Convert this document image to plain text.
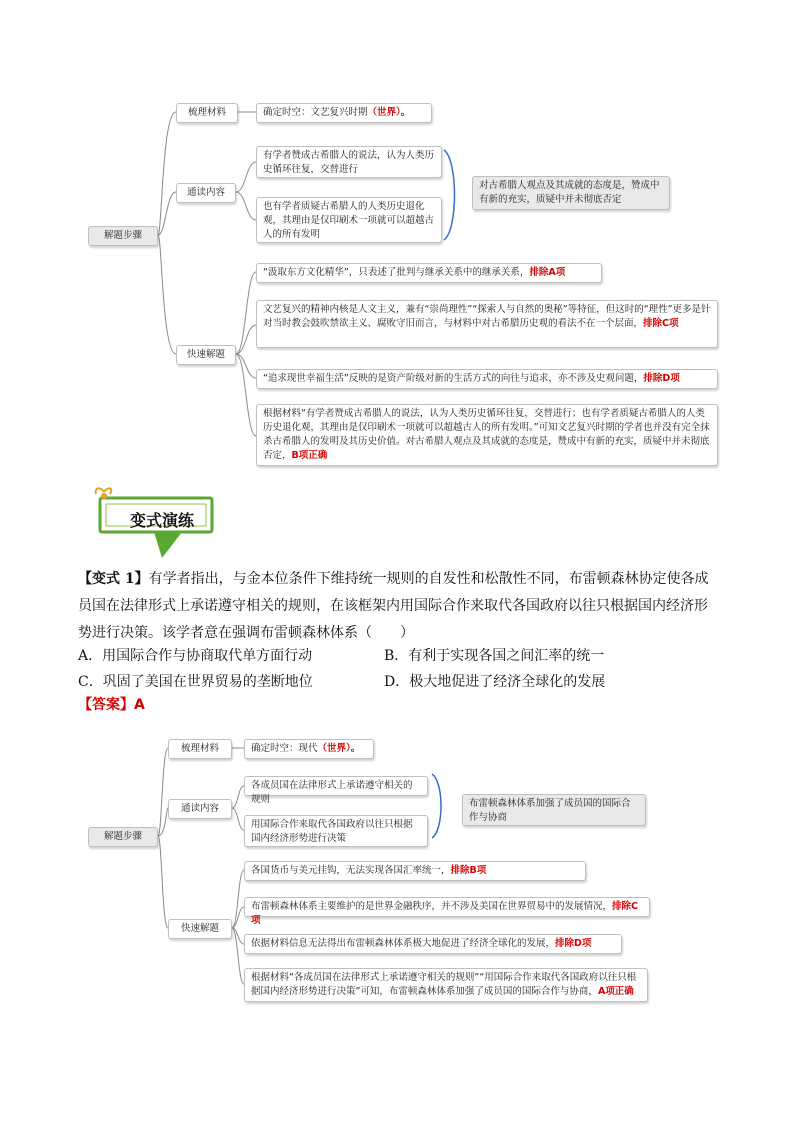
解题步骤
梳理材料	确定时空：文艺复兴时期（世界）。
通读内容
有学者赞成古希腊人的说法，认为人类历史循环往复，交替进行
也有学者质疑古希腊人的人类历史退化观，其理由是仅印刷术一项就可以超越古人的所有发明
对古希腊人观点及其成就的态度是，赞成中有新的充实，质疑中并未彻底否定
快速解题
“汲取东方文化精华”，只表述了批判与继承关系中的继承关系，排除A项
文艺复兴的精神内核是人文主义，兼有“崇尚理性”“探索人与自然的奥秘”等特征，但这时的“理性”更多是针对当时教会鼓吹禁欲主义、腐败守旧而言，与材料中对古希腊历史观的看法不在一个层面，排除C项
“追求现世幸福生活”反映的是资产阶级对新的生活方式的向往与追求，亦不涉及史观问题，排除D项
根据材料“有学者赞成古希腊人的说法，认为人类历史循环往复，交替进行；也有学者质疑古希腊人的人类历史退化观，其理由是仅印刷术一项就可以超越古人的所有发明。”可知文艺复兴时期的学者也并没有完全抹杀古希腊人的发明及其历史价值。对古希腊人观点及其成就的态度是，赞成中有新的充实，质疑中并未彻底否定，B项正确
变式演练
【变式 1】有学者指出，与金本位条件下维持统一规则的自发性和松散性不同，布雷顿森林协定使各成员国在法律形式上承诺遵守相关的规则，在该框架内用国际合作来取代各国政府以往只根据国内经济形势进行决策。该学者意在强调布雷顿森林体系（　　）
A．用国际合作与协商取代单方面行动	B．有利于实现各国之间汇率的统一
C．巩固了美国在世界贸易的垄断地位	D．极大地促进了经济全球化的发展
【答案】A
解题步骤
梳理材料	确定时空：现代（世界）。
通读内容
各成员国在法律形式上承诺遵守相关的规则
用国际合作来取代各国政府以往只根据国内经济形势进行决策
布雷顿森林体系加强了成员国的国际合作与协商
快速解题
各国货币与美元挂钩，无法实现各国汇率统一，排除B项
布雷顿森林体系主要维护的是世界金融秩序，并不涉及美国在世界贸易中的发展情况，排除C项
依据材料信息无法得出布雷顿森林体系极大地促进了经济全球化的发展，排除D项
根据材料“各成员国在法律形式上承诺遵守相关的规则”“用国际合作来取代各国政府以往只根据国内经济形势进行决策”可知，布雷顿森林体系加强了成员国的国际合作与协商，A项正确
